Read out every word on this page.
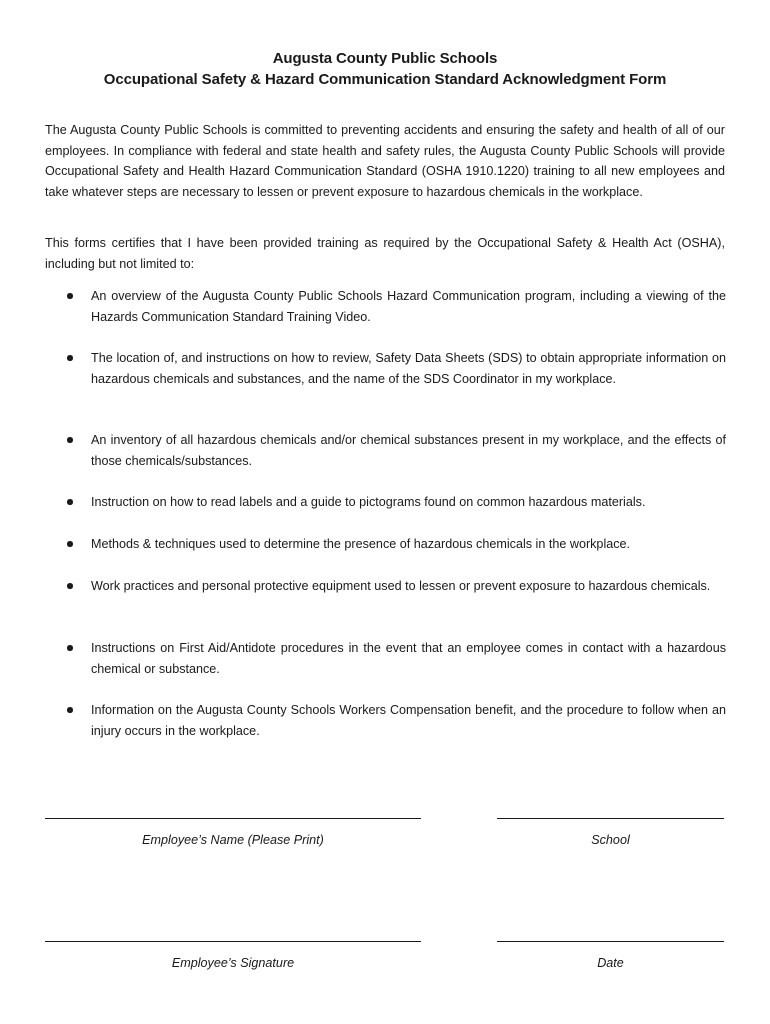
Augusta County Public Schools
Occupational Safety & Hazard Communication Standard Acknowledgment Form

The Augusta County Public Schools is committed to preventing accidents and ensuring the safety and health of all of our employees. In compliance with federal and state health and safety rules, the Augusta County Public Schools will provide Occupational Safety and Health Hazard Communication Standard (OSHA 1910.1220) training to all new employees and take whatever steps are necessary to lessen or prevent exposure to hazardous chemicals in the workplace.

This forms certifies that I have been provided training as required by the Occupational Safety & Health Act (OSHA), including but not limited to:

An overview of the Augusta County Public Schools Hazard Communication program, including a viewing of the Hazards Communication Standard Training Video.
The location of, and instructions on how to review, Safety Data Sheets (SDS) to obtain appropriate information on hazardous chemicals and substances, and the name of the SDS Coordinator in my workplace.
An inventory of all hazardous chemicals and/or chemical substances present in my workplace, and the effects of those chemicals/substances.
Instruction on how to read labels and a guide to pictograms found on common hazardous materials.
Methods & techniques used to determine the presence of hazardous chemicals in the workplace.
Work practices and personal protective equipment used to lessen or prevent exposure to hazardous chemicals.
Instructions on First Aid/Antidote procedures in the event that an employee comes in contact with a hazardous chemical or substance.
Information on the Augusta County Schools Workers Compensation benefit, and the procedure to follow when an injury occurs in the workplace.
Employee’s Name (Please Print)	School
Employee’s Signature	Date
